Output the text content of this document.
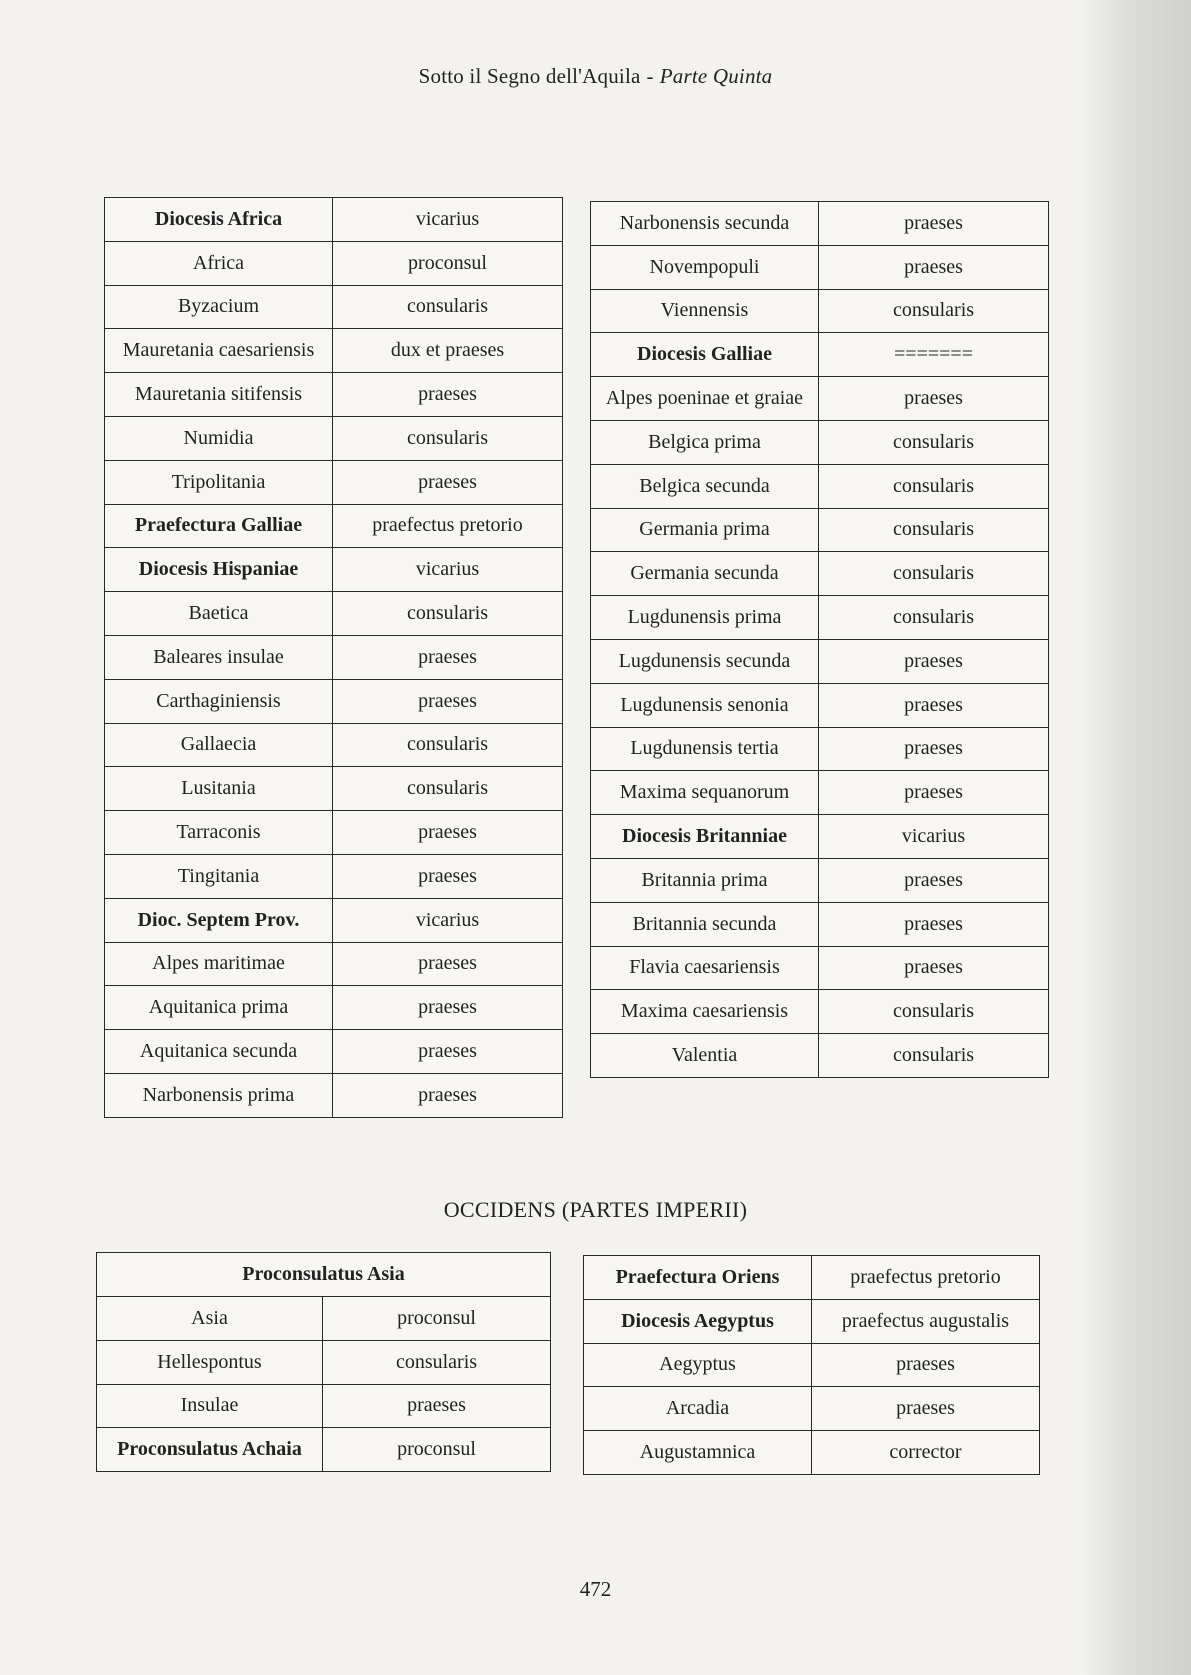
Sotto il Segno dell'Aquila - Parte Quinta
Diocesis Africa	vicarius
Africa	proconsul
Byzacium	consularis
Mauretania caesariensis	dux et praeses
Mauretania sitifensis	praeses
Numidia	consularis
Tripolitania	praeses
Praefectura Galliae	praefectus pretorio
Diocesis Hispaniae	vicarius
Baetica	consularis
Baleares insulae	praeses
Carthaginiensis	praeses
Gallaecia	consularis
Lusitania	consularis
Tarraconis	praeses
Tingitania	praeses
Dioc. Septem Prov.	vicarius
Alpes maritimae	praeses
Aquitanica prima	praeses
Aquitanica secunda	praeses
Narbonensis prima	praeses
Narbonensis secunda	praeses
Novempopuli	praeses
Viennensis	consularis
Diocesis Galliae	=======
Alpes poeninae et graiae	praeses
Belgica prima	consularis
Belgica secunda	consularis
Germania prima	consularis
Germania secunda	consularis
Lugdunensis prima	consularis
Lugdunensis secunda	praeses
Lugdunensis senonia	praeses
Lugdunensis tertia	praeses
Maxima sequanorum	praeses
Diocesis Britanniae	vicarius
Britannia prima	praeses
Britannia secunda	praeses
Flavia caesariensis	praeses
Maxima caesariensis	consularis
Valentia	consularis
OCCIDENS (PARTES IMPERII)
Proconsulatus Asia	
Asia	proconsul
Hellespontus	consularis
Insulae	praeses
Proconsulatus Achaia	proconsul
Praefectura Oriens	praefectus pretorio
Diocesis Aegyptus	praefectus augustalis
Aegyptus	praeses
Arcadia	praeses
Augustamnica	corrector
472
